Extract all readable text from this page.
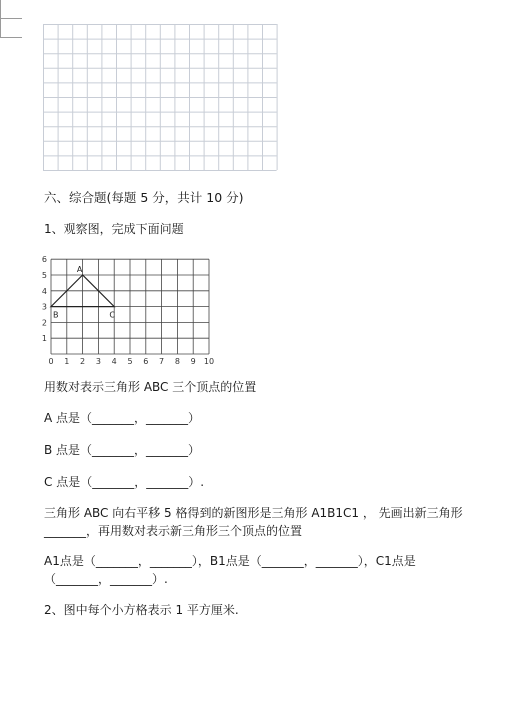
六、综合题(每题 5 分，共计 10 分)
1、观察图，完成下面问题
0 1 2 3 4 5 6 7 8 9 10
1
2
3
4
5
6
A
B	C
用数对表示三角形 ABC 三个顶点的位置
A 点是（_______，_______）
B 点是（_______，_______）
C 点是（_______，_______）.
三角形 ABC 向右平移 5 格得到的新图形是三角形 A1B1C1 ， 先画出新三角形
_______，再用数对表示新三角形三个顶点的位置
A1点是（_______，_______），B1点是（_______，_______），C1点是
（_______，_______）.
2、图中每个小方格表示 1 平方厘米.
